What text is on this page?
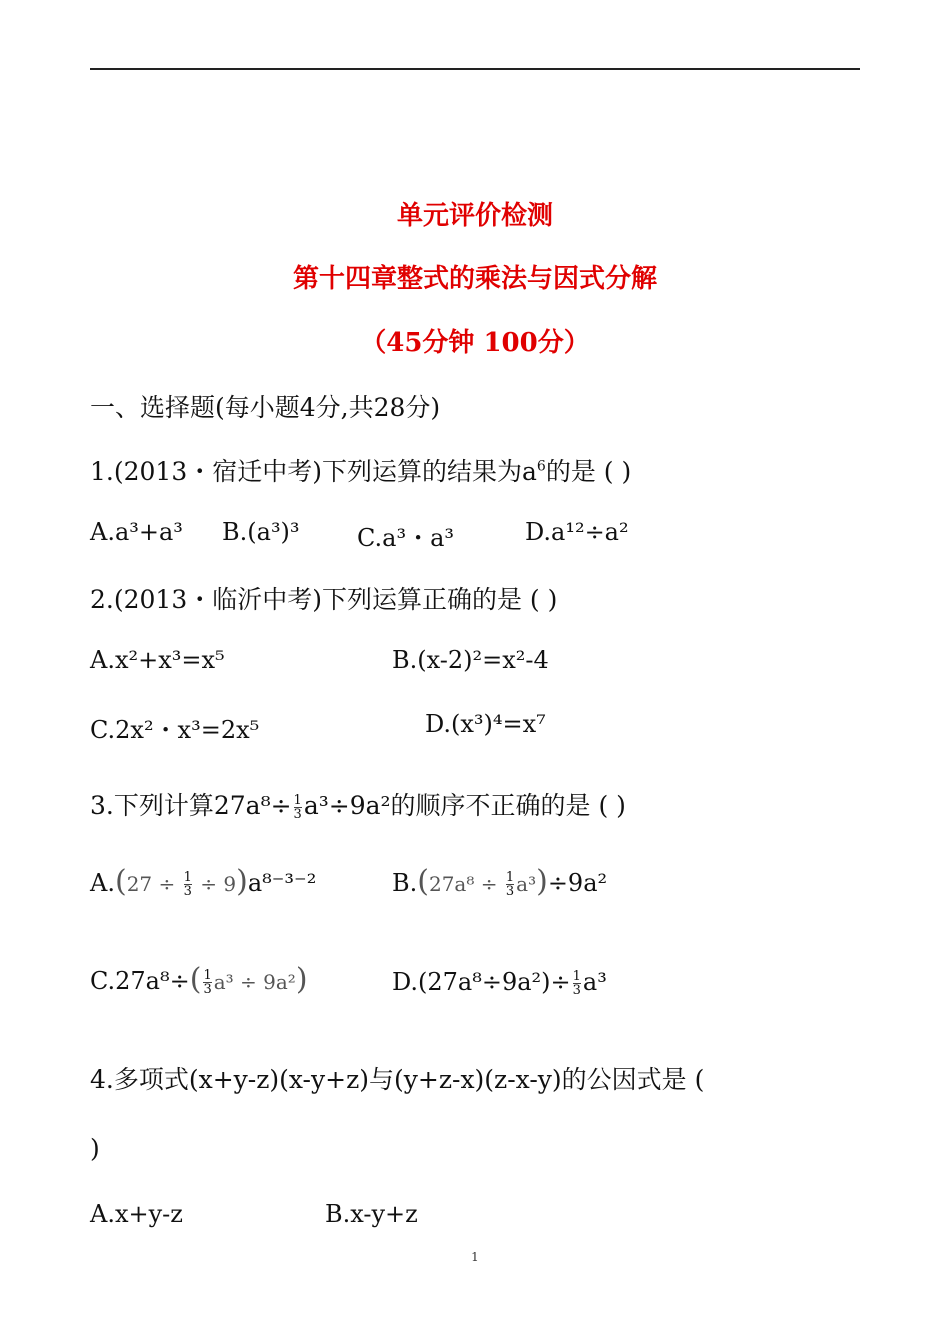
单元评价检测
第十四章整式的乘法与因式分解
（45分钟 100分）
一、选择题(每小题4分,共28分)
1.(2013・宿迁中考)下列运算的结果为$a^6$的是 ( )
A.a³+a³ B.(a³)³ C.a³・a³	D.a¹²÷a²
2.(2013・临沂中考)下列运算正确的是 ( )
A.x²+x³=x⁵	B.(x-2)²=x²-4
C.2x²・x³=2x⁵	D.(x³)⁴=x⁷
3.下列计算$27a^8\div \frac{1}{3} a^3\div 9a^2$的顺序不正确的是 ( )
$A.(27 \div \frac{1}{3} \div 9)a^{8-3-2}$	$B.(27a^8 \div \frac{1}{3} a^3)\div 9a^2$
$C.27a^8\div( \frac{1}{3} a^3 \div 9a^2)$	$D.(27a^8\div 9a^2)\div \frac{1}{3} a^3$
4.多项式(x+y-z)(x-y+z)与(y+z-x)(z-x-y)的公因式是 (
)
A.x+y-z	B.x-y+z
1
